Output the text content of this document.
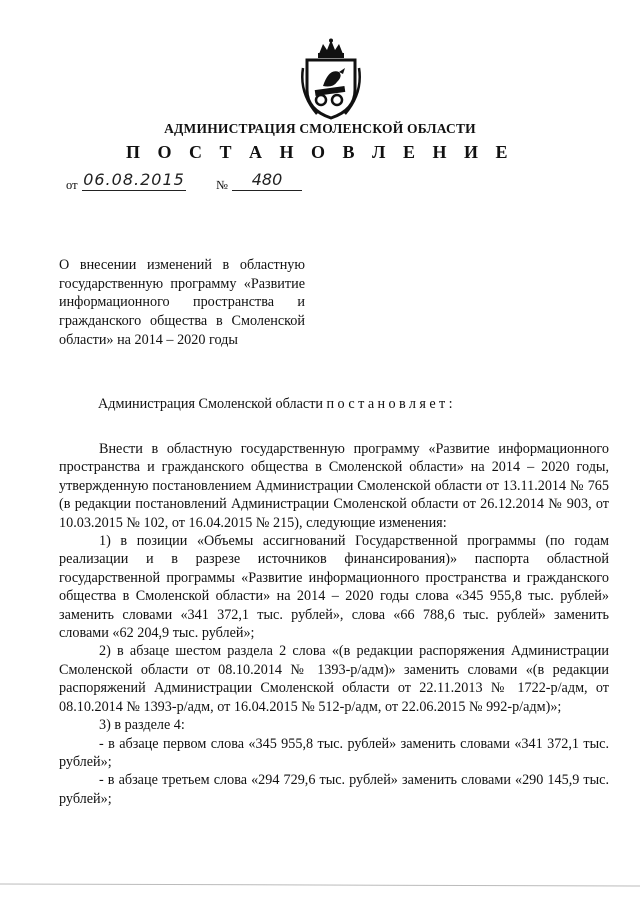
АДМИНИСТРАЦИЯ СМОЛЕНСКОЙ ОБЛАСТИ
П О С Т А Н О В Л Е Н И Е
от 06.08.2015 №	480
О внесении изменений в областную государственную программу «Развитие информационного пространства и гражданского общества в Смоленской области» на 2014 – 2020 годы
Администрация Смоленской области постановляет:

Внести в областную государственную программу «Развитие информационного пространства и гражданского общества в Смоленской области» на 2014 – 2020 годы, утвержденную постановлением Администрации Смоленской области от 13.11.2014 № 765 (в редакции постановлений Администрации Смоленской области от 26.12.2014 № 903, от 10.03.2015 № 102, от 16.04.2015 № 215), следующие изменения:

1) в позиции «Объемы ассигнований Государственной программы (по годам реализации и в разрезе источников финансирования)» паспорта областной государственной программы «Развитие информационного пространства и гражданского общества в Смоленской области» на 2014 – 2020 годы слова «345 955,8 тыс. рублей» заменить словами «341 372,1 тыс. рублей», слова «66 788,6 тыс. рублей» заменить словами «62 204,9 тыс. рублей»;

2) в абзаце шестом раздела 2 слова «(в редакции распоряжения Администрации Смоленской области от 08.10.2014 № 1393-р/адм)» заменить словами «(в редакции распоряжений Администрации Смоленской области от 22.11.2013 № 1722-р/адм, от 08.10.2014 № 1393-р/адм, от 16.04.2015 № 512-р/адм, от 22.06.2015 № 992-р/адм)»;

3) в разделе 4:

- в абзаце первом слова «345 955,8 тыс. рублей» заменить словами «341 372,1 тыс. рублей»;

- в абзаце третьем слова «294 729,6 тыс. рублей» заменить словами «290 145,9 тыс. рублей»;
